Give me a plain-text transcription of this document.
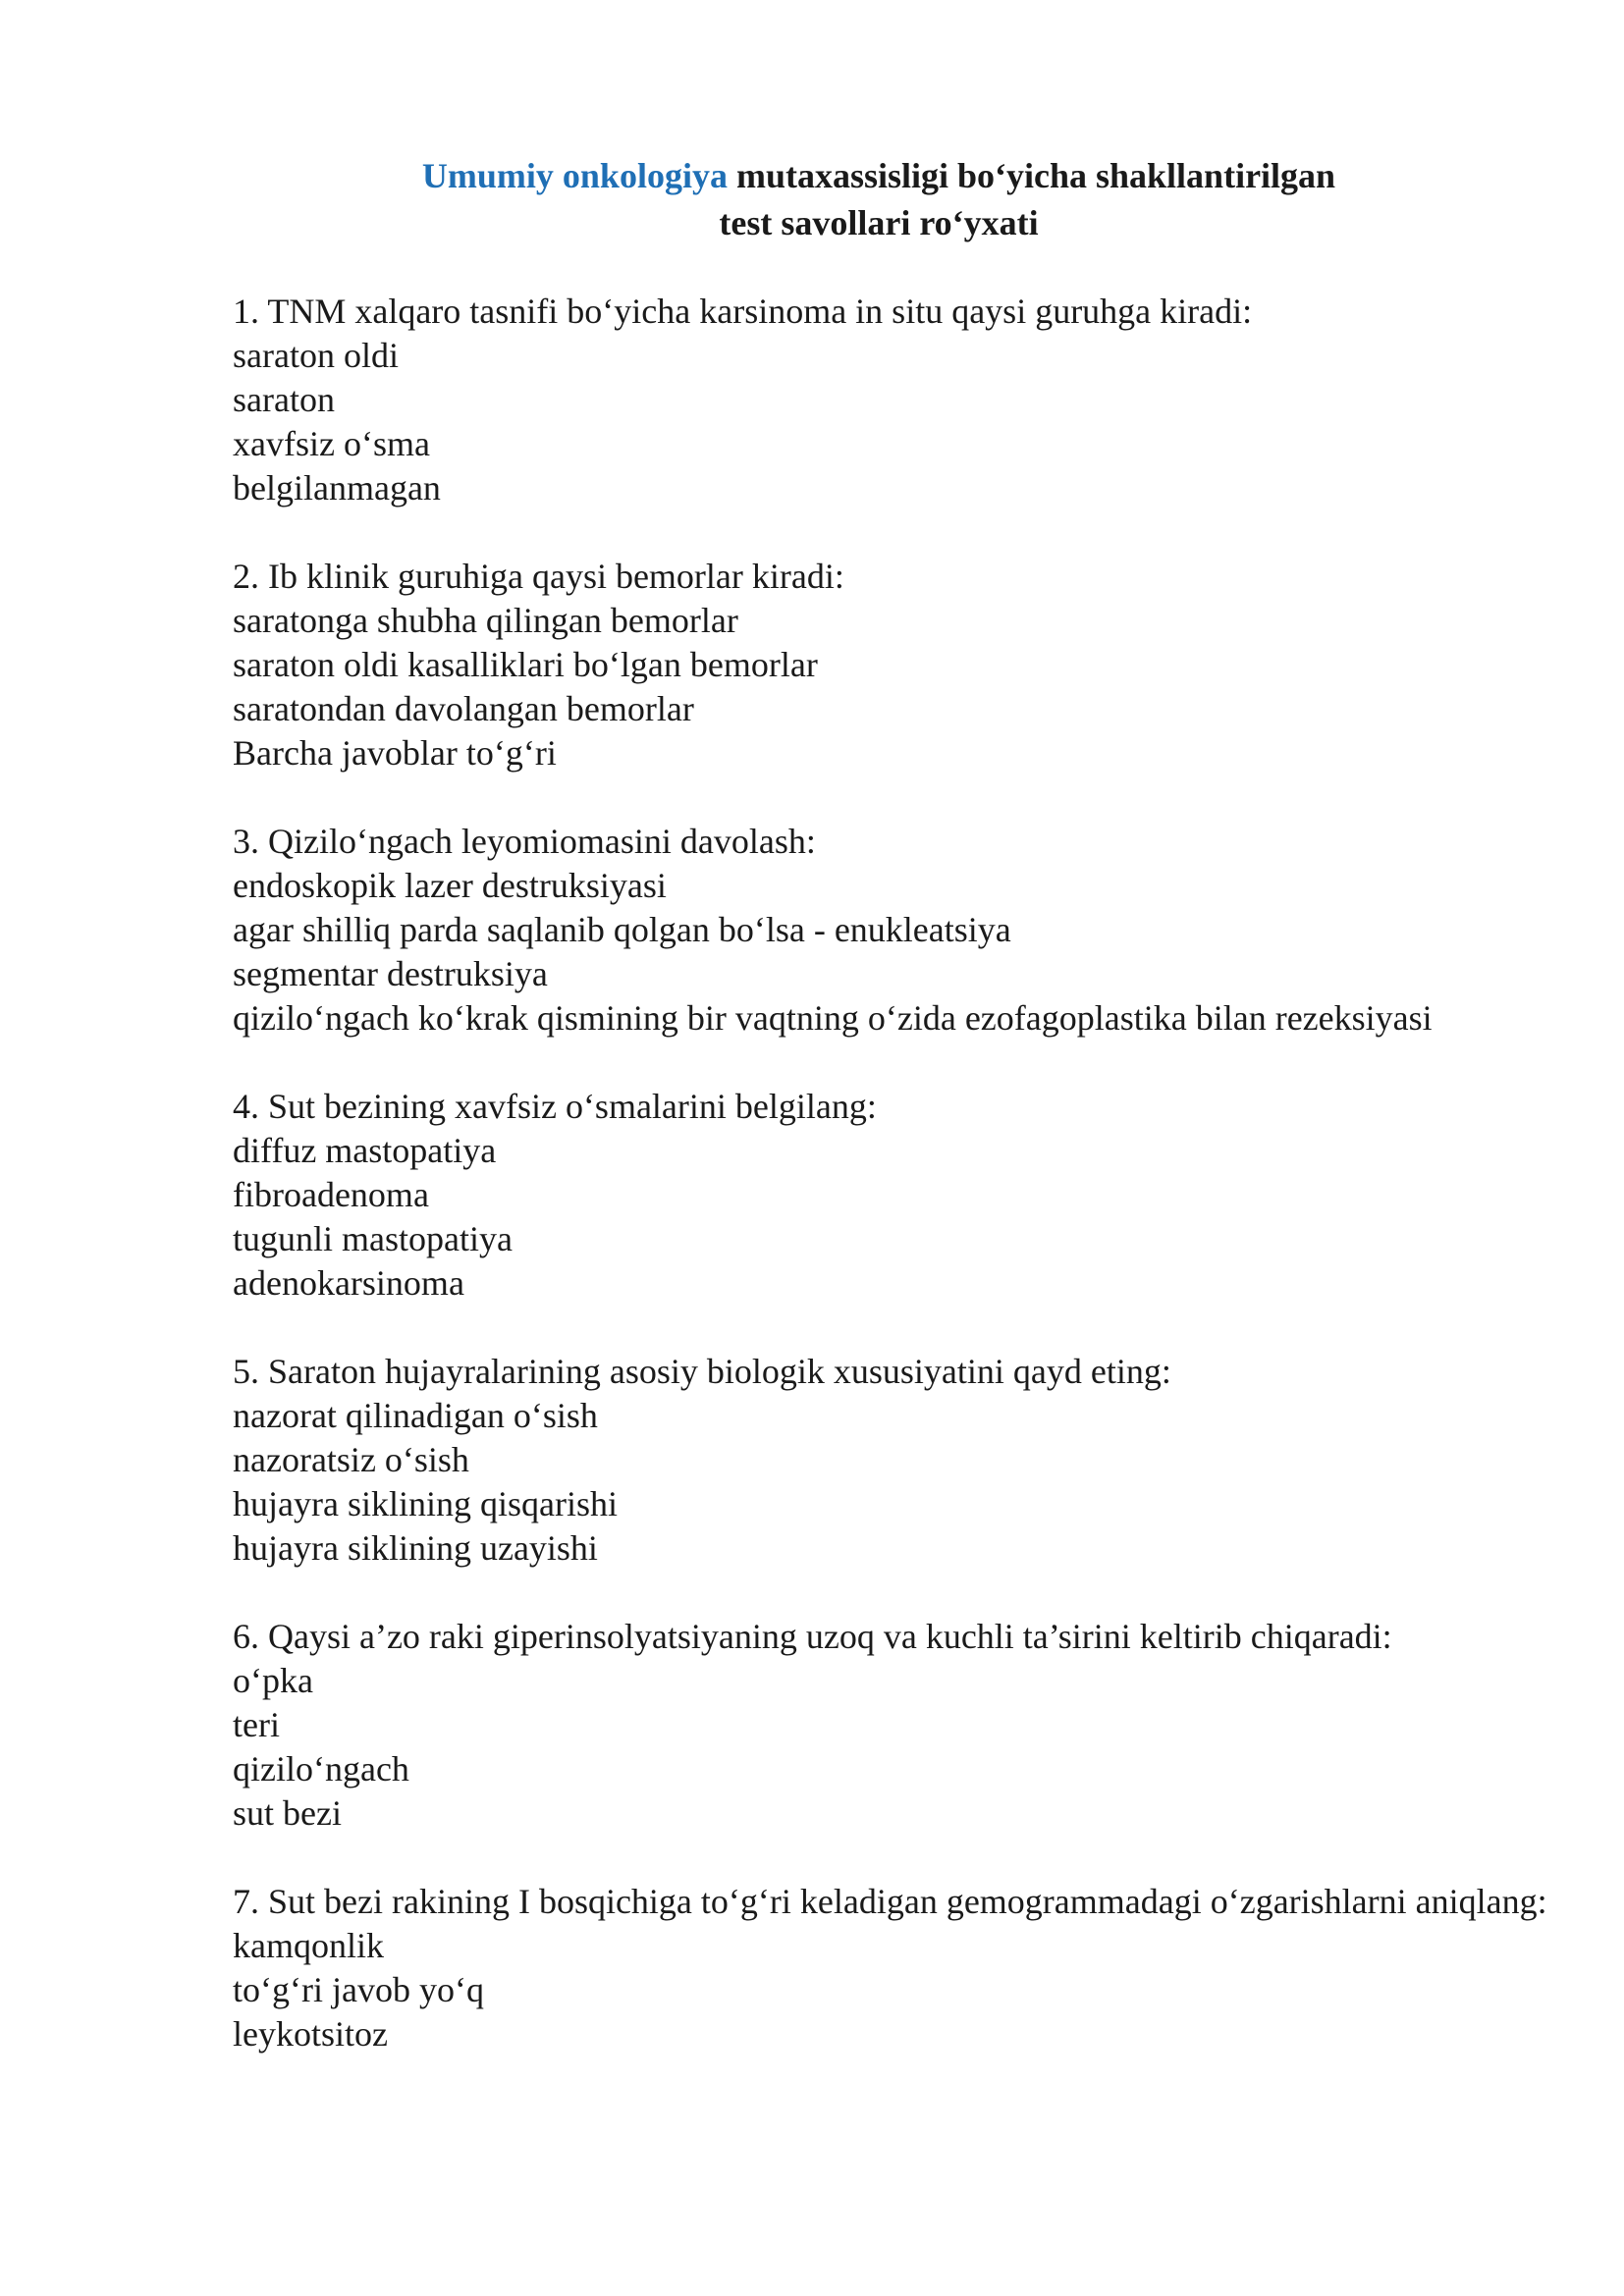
Umumiy onkologiya mutaxassisligi bo‘yicha shakllantirilgan
test savollari ro‘yxati
1. TNM xalqaro tasnifi bo‘yicha karsinoma in situ qaysi guruhga kiradi:
saraton oldi
saraton
xavfsiz o‘sma
belgilanmagan
2. Ib klinik guruhiga qaysi bemorlar kiradi:
saratonga shubha qilingan bemorlar
saraton oldi kasalliklari bo‘lgan bemorlar
saratondan davolangan bemorlar
Barcha javoblar to‘g‘ri
3. Qizilo‘ngach leyomiomasini davolash:
endoskopik lazer destruksiyasi
agar shilliq parda saqlanib qolgan bo‘lsa - enukleatsiya
segmentar destruksiya
qizilo‘ngach ko‘krak qismining bir vaqtning o‘zida ezofagoplastika bilan rezeksiyasi
4. Sut bezining xavfsiz o‘smalarini belgilang:
diffuz mastopatiya
fibroadenoma
tugunli mastopatiya
adenokarsinoma
5. Saraton hujayralarining asosiy biologik xususiyatini qayd eting:
nazorat qilinadigan o‘sish
nazoratsiz o‘sish
hujayra siklining qisqarishi
hujayra siklining uzayishi
6. Qaysi a’zo raki giperinsolyatsiyaning uzoq va kuchli ta’sirini keltirib chiqaradi:
o‘pka
teri
qizilo‘ngach
sut bezi
7. Sut bezi rakining I bosqichiga to‘g‘ri keladigan gemogrammadagi o‘zgarishlarni aniqlang:
kamqonlik
to‘g‘ri javob yo‘q
leykotsitoz
